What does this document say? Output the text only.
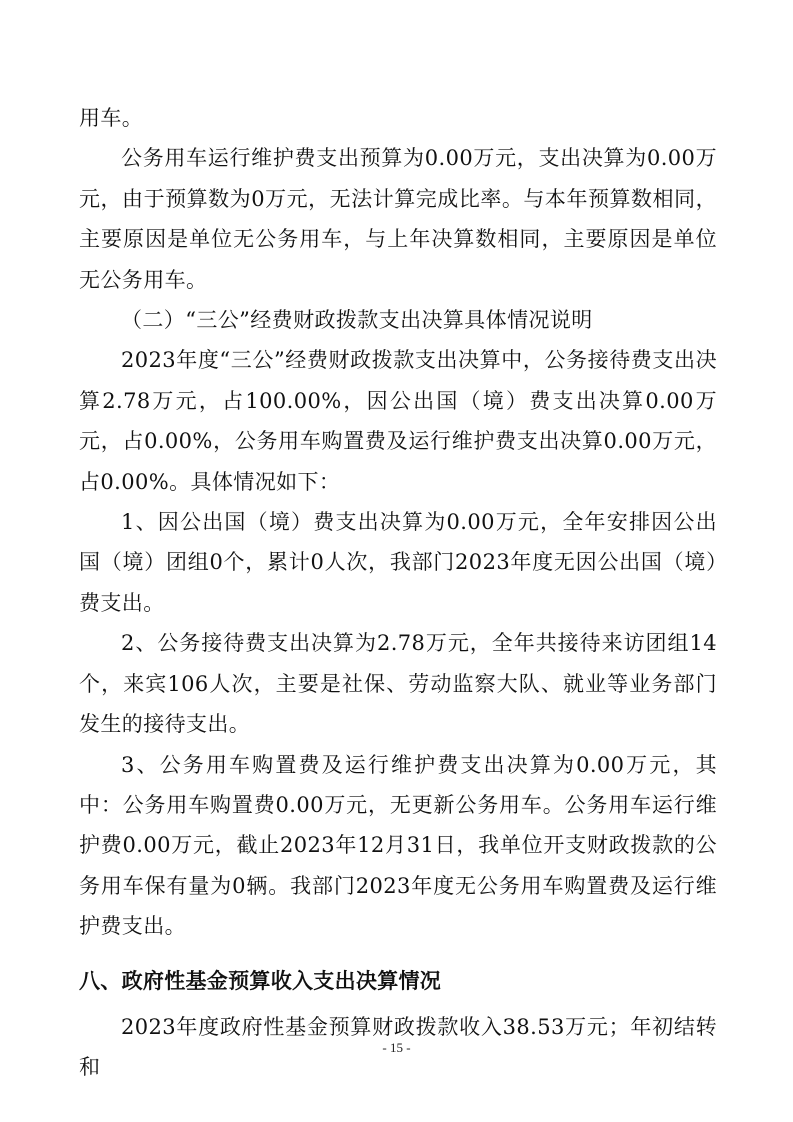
用车。

公务用车运行维护费支出预算为0.00万元，支出决算为0.00万元，由于预算数为0万元，无法计算完成比率。与本年预算数相同，主要原因是单位无公务用车，与上年决算数相同，主要原因是单位无公务用车。

（二）“三公”经费财政拨款支出决算具体情况说明

2023年度“三公”经费财政拨款支出决算中，公务接待费支出决算2.78万元，占100.00%，因公出国（境）费支出决算0.00万元，占0.00%，公务用车购置费及运行维护费支出决算0.00万元，占0.00%。具体情况如下：

1、因公出国（境）费支出决算为0.00万元，全年安排因公出国（境）团组0个，累计0人次，我部门2023年度无因公出国（境）费支出。

2、公务接待费支出决算为2.78万元，全年共接待来访团组14个，来宾106人次，主要是社保、劳动监察大队、就业等业务部门发生的接待支出。

3、公务用车购置费及运行维护费支出决算为0.00万元，其中：公务用车购置费0.00万元，无更新公务用车。公务用车运行维护费0.00万元，截止2023年12月31日，我单位开支财政拨款的公务用车保有量为0辆。我部门2023年度无公务用车购置费及运行维护费支出。

八、政府性基金预算收入支出决算情况

2023年度政府性基金预算财政拨款收入38.53万元；年初结转和

- 15 -
